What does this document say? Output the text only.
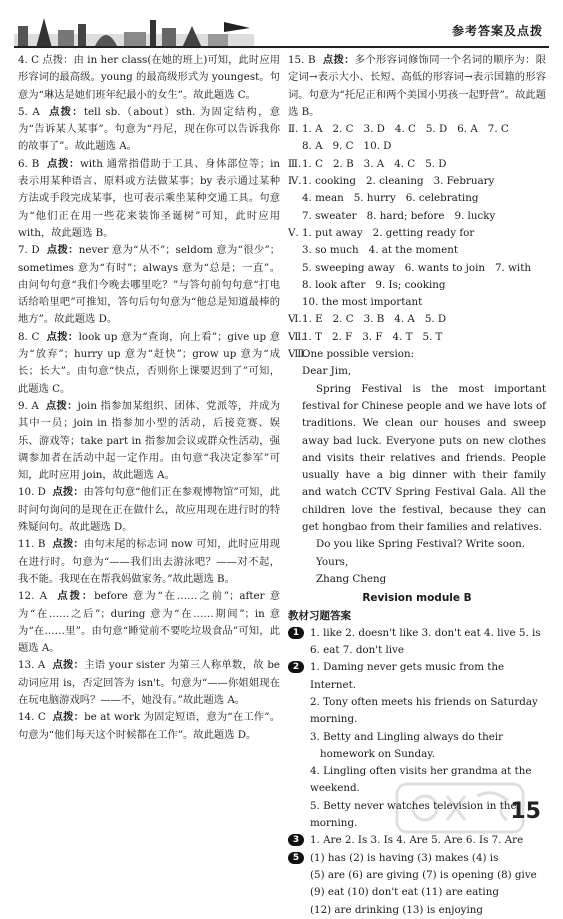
参考答案及点拨

4. C 点拨：由 in her class(在她的班上)可知，此时应用形容词的最高级。young 的最高级形式为 youngest。句意为“琳达是她们班年纪最小的女生”。故此题选 C。

5. A 点拨：tell sb.（about）sth. 为固定结构，意为“告诉某人某事”。句意为“丹尼，现在你可以告诉我你的故事了”。故此题选 A。

6. B 点拨：with 通常指借助于工具、身体部位等；in 表示用某种语言、原料或方法做某事；by 表示通过某种方法或手段完成某事，也可表示乘坐某种交通工具。句意为“他们正在用一些花来装饰圣诞树”可知，此时应用 with，故此题选 B。

7. D 点拨：never 意为“从不”；seldom 意为“很少”；sometimes 意为“有时”；always 意为“总是；一直”。由问句句意“我们今晚去哪里吃？”与答句前句句意“打电话给哈里吧”可推知，答句后句句意为“他总是知道最棒的地方”。故此题选 D。

8. C 点拨：look up 意为“查询，向上看”；give up 意为“放弃”；hurry up 意为“赶快”；grow up 意为“成长；长大”。由句意“快点，否则你上课要迟到了”可知，此题选 C。

9. A 点拨：join 指参加某组织、团体、党派等，并成为其中一员；join in 指参加小型的活动，后接竞赛、娱乐、游戏等；take part in 指参加会议或群众性活动，强调参加者在活动中起一定作用。由句意“我决定参军”可知，此时应用 join，故此题选 A。

10. D 点拨：由答句句意“他们正在参观博物馆”可知，此时问句询问的是现在正在做什么，故应用现在进行时的特殊疑问句。故此题选 D。

11. B 点拨：由句末尾的标志词 now 可知，此时应用现在进行时。句意为“——我们出去游泳吧？——对不起，我不能。我现在在帮我妈做家务。”故此题选 B。

12. A 点拨：before 意为“在……之前”；after 意为“在……之后”；during 意为“在……期间”；in 意为“在……里”。由句意“睡觉前不要吃垃圾食品”可知，此题选 A。

13. A 点拨：主语 your sister 为第三人称单数，故 be 动词应用 is，否定回答为 isn't。句意为“——你姐姐现在在玩电脑游戏吗？——不，她没有。”故此题选 A。

14. C 点拨：be at work 为固定短语，意为“在工作”。句意为“他们每天这个时候都在工作”。故此题选 D。

15. B 点拨：多个形容词修饰同一个名词的顺序为：限定词→表示大小、长短、高低的形容词→表示国籍的形容词。句意为“托尼正和两个美国小男孩一起野营”。故此题选 B。

Ⅱ. 1. A 2. C 3. D 4. C 5. D 6. A 7. C
8. A 9. C 10. D
Ⅲ. 1. C 2. B 3. A 4. C 5. D
Ⅳ. 1. cooking 2. cleaning 3. February
4. mean 5. hurry 6. celebrating
7. sweater 8. hard; before 9. lucky
Ⅴ. 1. put away 2. getting ready for
3. so much 4. at the moment
5. sweeping away 6. wants to join 7. with
8. look after 9. Is; cooking
10. the most important
Ⅵ. 1. E 2. C 3. B 4. A 5. D
Ⅶ.
1. T 2. F 3. F 4. T 5. T
Ⅷ.

One possible version:

Dear Jim,

Spring Festival is the most important festival for Chinese people and we have lots of traditions. We clean our houses and sweep away bad luck. Everyone puts on new clothes and visits their relatives and friends. People usually have a big dinner with their family and watch CCTV Spring Festival Gala. All the children love the festival, because they can get hongbao from their families and relatives.

Do you like Spring Festival? Write soon.

Yours,

Zhang Cheng

Revision module B

教材习题答案

1	1. like 2. doesn't like 3. don't eat 4. live 5. is
6. eat 7. don't live
2	1. Daming never gets music from the Internet.
2. Tony often meets his friends on Saturday morning.
3. Betty and Lingling always do their homework on Sunday.
4. Lingling often visits her grandma at the weekend.
5. Betty never watches television in the morning.
3	1. Are 2. Is 3. Is 4. Are 5. Are 6. Is 7. Are
5	(1) has (2) is having (3) makes (4) is
(5) are (6) are giving (7) is opening (8) give
(9) eat (10) don't eat (11) are eating
(12) are drinking (13) is enjoying
15
